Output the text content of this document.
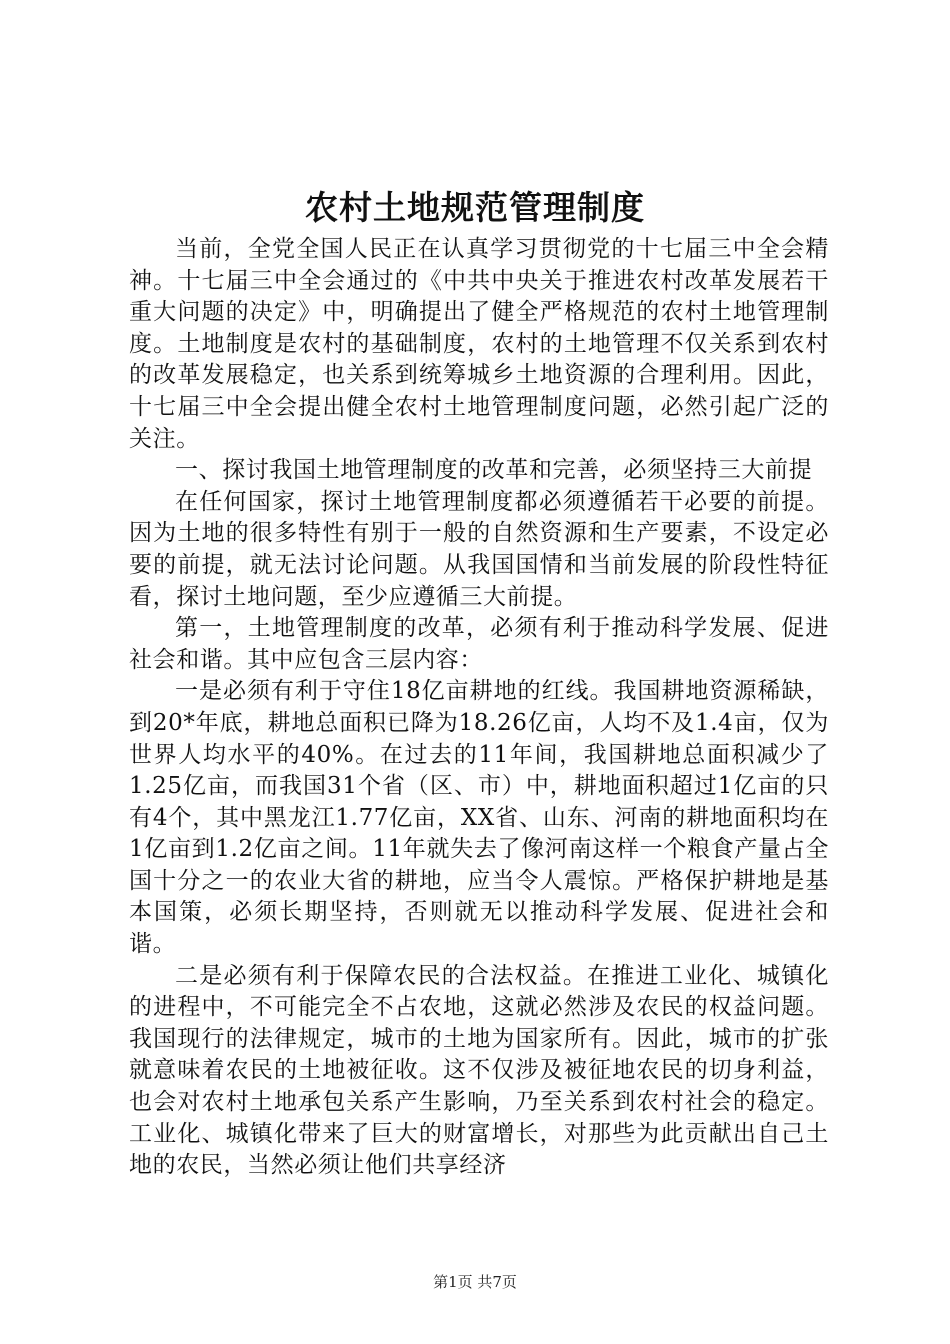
农村土地规范管理制度

当前，全党全国人民正在认真学习贯彻党的十七届三中全会精神。十七届三中全会通过的《中共中央关于推进农村改革发展若干重大问题的决定》中，明确提出了健全严格规范的农村土地管理制度。土地制度是农村的基础制度，农村的土地管理不仅关系到农村的改革发展稳定，也关系到统筹城乡土地资源的合理利用。因此，十七届三中全会提出健全农村土地管理制度问题，必然引起广泛的关注。

一、探讨我国土地管理制度的改革和完善，必须坚持三大前提

在任何国家，探讨土地管理制度都必须遵循若干必要的前提。因为土地的很多特性有别于一般的自然资源和生产要素，不设定必要的前提，就无法讨论问题。从我国国情和当前发展的阶段性特征看，探讨土地问题，至少应遵循三大前提。

第一，土地管理制度的改革，必须有利于推动科学发展、促进社会和谐。其中应包含三层内容：

一是必须有利于守住18亿亩耕地的红线。我国耕地资源稀缺，到20*年底，耕地总面积已降为18.26亿亩，人均不及1.4亩，仅为世界人均水平的40%。在过去的11年间，我国耕地总面积减少了1.25亿亩，而我国31个省（区、市）中，耕地面积超过1亿亩的只有4个，其中黑龙江1.77亿亩，XX省、山东、河南的耕地面积均在1亿亩到1.2亿亩之间。11年就失去了像河南这样一个粮食产量占全国十分之一的农业大省的耕地，应当令人震惊。严格保护耕地是基本国策，必须长期坚持，否则就无以推动科学发展、促进社会和谐。

二是必须有利于保障农民的合法权益。在推进工业化、城镇化的进程中，不可能完全不占农地，这就必然涉及农民的权益问题。我国现行的法律规定，城市的土地为国家所有。因此，城市的扩张就意味着农民的土地被征收。这不仅涉及被征地农民的切身利益，也会对农村土地承包关系产生影响，乃至关系到农村社会的稳定。工业化、城镇化带来了巨大的财富增长，对那些为此贡献出自己土地的农民，当然必须让他们共享经济

第1页 共7页
